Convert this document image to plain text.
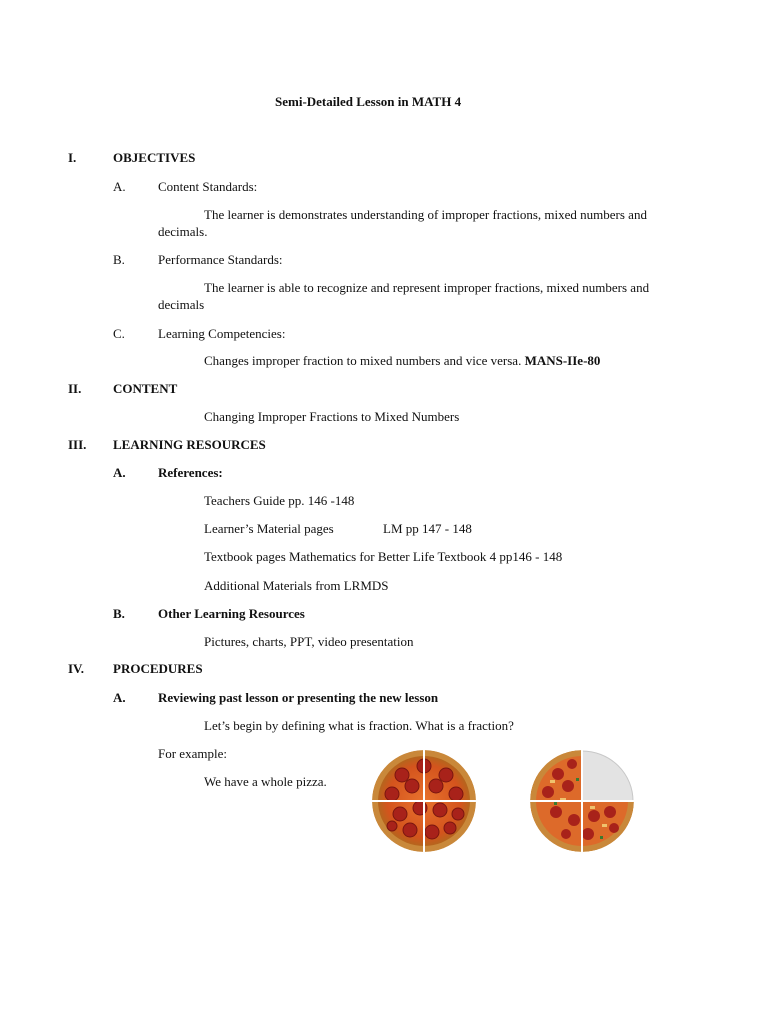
Semi-Detailed Lesson in MATH 4
I.	OBJECTIVES
A. Content Standards:
The learner is demonstrates understanding of improper fractions, mixed numbers and
decimals.
B.	Performance Standards:
The learner is able to recognize and represent improper fractions, mixed numbers and
decimals
C.	Learning Competencies:
Changes improper fraction to mixed numbers and vice versa. MANS-IIe-80
II. CONTENT
Changing Improper Fractions to Mixed Numbers
III. LEARNING RESOURCES
A. References:
Teachers Guide pp. 146 -148
Learner’s Material pages	LM pp 147 - 148
Textbook pages Mathematics for Better Life Textbook 4 pp146 - 148
Additional Materials from LRMDS
B.	Other Learning Resources
Pictures, charts, PPT, video presentation
IV. PROCEDURES
A. Reviewing past lesson or presenting the new lesson
Let’s begin by defining what is fraction. What is a fraction?
For example:
We have a whole pizza.
